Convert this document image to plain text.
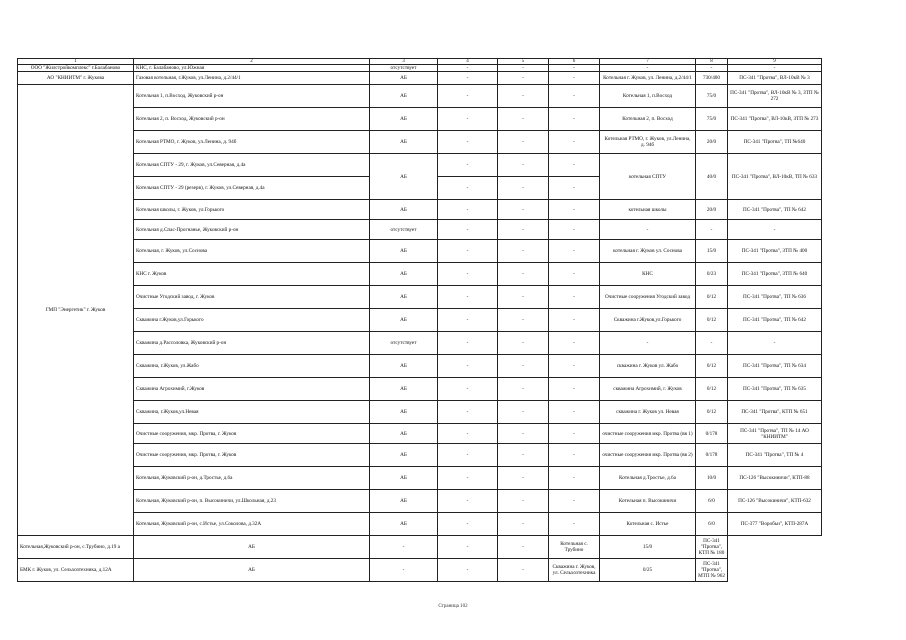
1	2	3	4	5	6	7	8	9
ООО "Жилстройкомплекс" г.Балабаново	КНС, г. Балабаново, ул.Южная	отсутствует	-	-	-	-	-	-
АО "КНИИТМ" г. Жукова	Газовая котельная, г.Жуков, ул.Ленина, д.2/44/1	АБ	-	-	-	Котельная г. Жуков, ул. Ленина, д.2/44/1	730/400	ПС-341 "Протва", ВЛ-10кВ № 3
ГМП "Энергетик" г. Жуков	Котельная 1, п.Восход, Жуковский р-он	АБ	-	-	-	Котельная 1, п.Восход	75/0	ПС-341 "Протва", ВЛ-10кВ № 3, ЗТП № 272
	Котельная 2, п. Восход, Жуковский р-он	АБ	-	-	-	Котельная 2, п. Восход	75/0	ПС-341 "Протва", ВЛ-10кВ, ЗТП № 273
	Котельная РТМО, г. Жуков, ул.Ленина, д. 94б	АБ	-	-	-	Котельная РТМО, г. Жуков, ул.Ленина, д. 94б	20/0	ПС-341 "Протва", ТП №640
	Котельная СПТУ - 29, г. Жуков, ул.Северная, д.4а	АБ	-	-	-	котельная СПТУ	40/0	ПС-341 "Протва", ВЛ-10кВ, ТП № 633
	Котельная СПТУ - 29 (резерв), г. Жуков, ул.Северная, д.4а		-	-	-			
	Котельная школы, г. Жуков, ул.Горького	АБ	-	-	-	котельная школы	20/0	ПС-341 "Протва", ТП № 642
	Котельная д.Спас-Прогнанье, Жуковский р-он	отсутствует	-	-	-	-	-	-
	Котельная, г. Жуков, ул.Соснова	АБ	-	-	-	котельная г. Жуков ул. Соснова	15/0	ПС-341 "Протва", ЗТП № 400
	КНС г. Жуков	АБ	-	-	-	КНС	0/23	ПС-341 "Протва", ЗТП № 640
	Очистные Угодский завод, г. Жуков	АБ	-	-	-	Очистные сооружения Угодский завод	0/12	ПС-341 "Протва", ТП № 636
	Скважина г.Жуков,ул.Горького	АБ	-	-	-	Скважина г.Жуков,ул.Горького	0/12	ПС-341 "Протва", ТП № 642
	Скважина д.Рассоловка, Жуковский р-он	отсутствует	-	-	-	-	-	-
	Скважина, г.Жуков, ул.Жабо	АБ	-	-	-	скважина г. Жуков ул. Жабо	0/12	ПС-341 "Протва", ТП № 634
	Скважина Агрохимий, г.Жуков	АБ	-	-	-	скважина Агрохимий, г. Жуков	0/12	ПС-341 "Протва", ТП № 635
	Скважина, г.Жуков,ул.Невая	АБ	-	-	-	скважина г. Жуков ул. Невая	0/12	ПС-341 "Протва", КТП № 651
	Очистные сооружения, мкр. Протва, г. Жуков	АБ	-	-	-	очистные сооружения мкр. Протва (вв 1)	0/178	ПС-341 "Протва", ТП № 14 АО "КНИИТМ"
	Очистные сооружения, мкр. Протва, г. Жуков	АБ	-	-	-	очистные сооружения мкр. Протва (вв 2)	0/178	ПС-341 "Протва", ТП № 4
	Котельная, Жуковский р-он, д.Тростье, д.6а	АБ	-	-	-	Котельная д.Тростье, д.6а	10/0	ПС-126 "Высокиничи", КТП-88
	Котельная, Жуковский р-он, п. Высокиничи, ул.Школьная, д.23	АБ	-	-	-	Котельная п. Высокиничи	6/0	ПС-126 "Высокиничи", КТП-632
	Котельная, Жуковский р-он, с.Истье, ул.Соколова, д.32А	АБ	-	-	-	Котельная с. Истье	6/0	ПС-377 "Воробьи", КТП-287А
Котельная,Жуковский р-он, с.Трубино, д.19 а	АБ	-	-	-	Котельная с. Трубино	15/0	ПС-341 "Протва", КТП № 180	
БМК г. Жуков, ул. Сельхозтехника, д.12А	АБ	-	-	-	Скважина г. Жуков, ул. Сельхозтехника	0/25	ПС-341 "Протва", МТП № 962	
Страница 102
